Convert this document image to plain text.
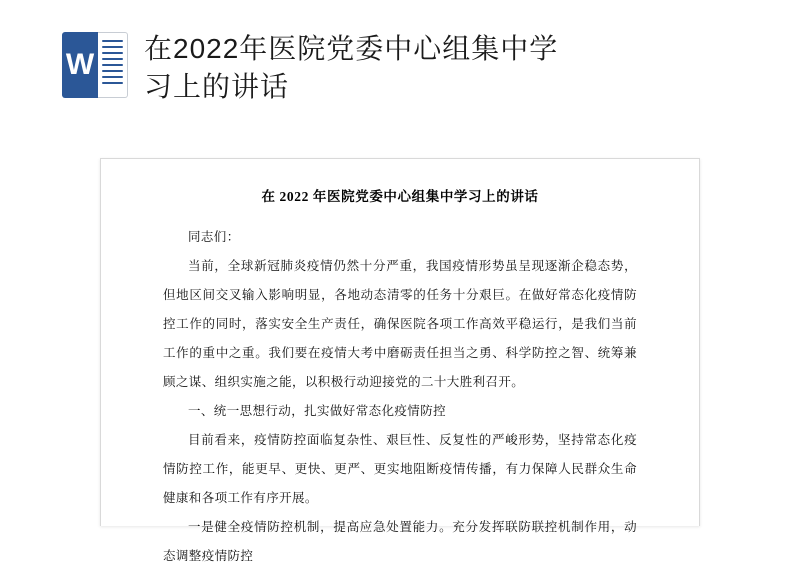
W 在2022年医院党委中心组集中学习上的讲话
在 2022 年医院党委中心组集中学习上的讲话

同志们：

当前，全球新冠肺炎疫情仍然十分严重，我国疫情形势虽呈现逐渐企稳态势，但地区间交叉输入影响明显，各地动态清零的任务十分艰巨。在做好常态化疫情防控工作的同时，落实安全生产责任，确保医院各项工作高效平稳运行，是我们当前工作的重中之重。我们要在疫情大考中磨砺责任担当之勇、科学防控之智、统筹兼顾之谋、组织实施之能，以积极行动迎接党的二十大胜利召开。

一、统一思想行动，扎实做好常态化疫情防控

目前看来，疫情防控面临复杂性、艰巨性、反复性的严峻形势，坚持常态化疫情防控工作，能更早、更快、更严、更实地阻断疫情传播，有力保障人民群众生命健康和各项工作有序开展。

一是健全疫情防控机制，提高应急处置能力。充分发挥联防联控机制作用，动态调整疫情防控
